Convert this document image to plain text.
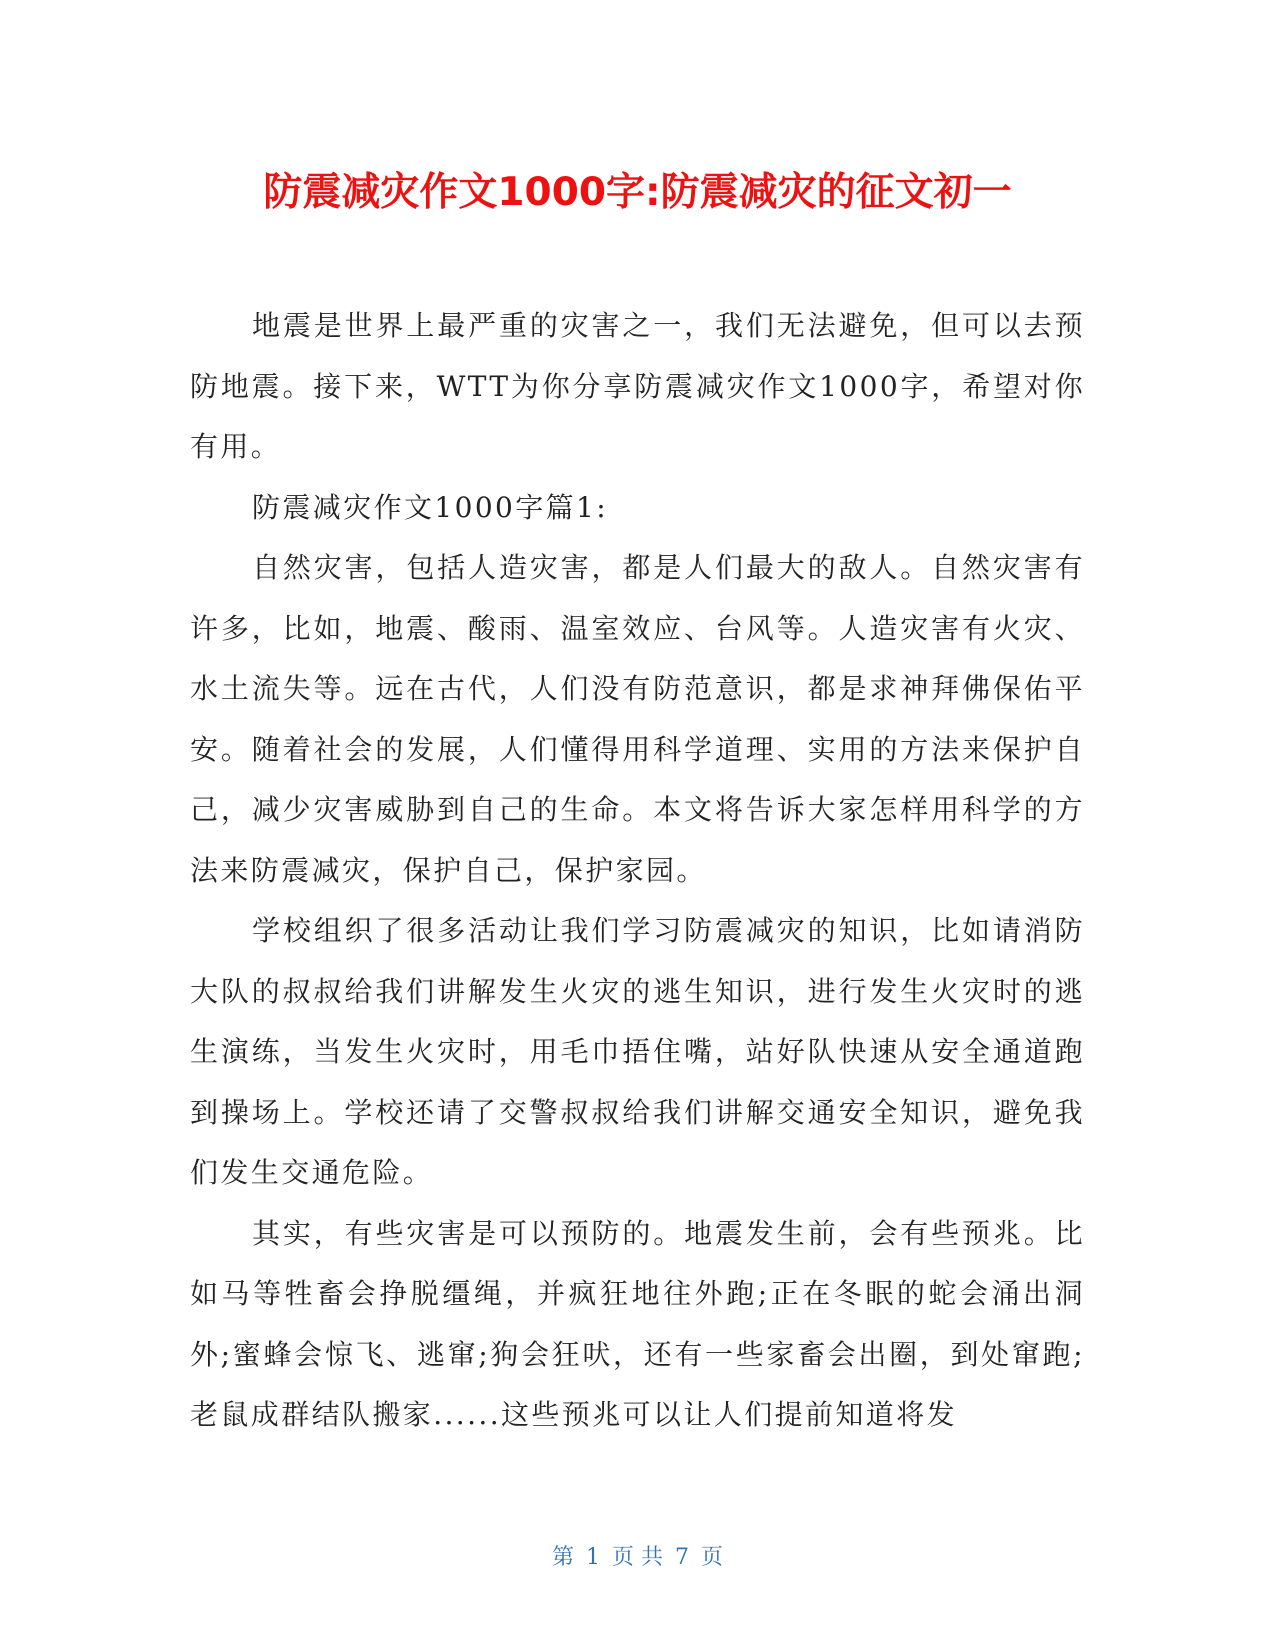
防震减灾作文1000字:防震减灾的征文初一

地震是世界上最严重的灾害之一，我们无法避免，但可以去预防地震。接下来，WTT为你分享防震减灾作文1000字，希望对你有用。

防震减灾作文1000字篇1:

自然灾害，包括人造灾害，都是人们最大的敌人。自然灾害有许多，比如，地震、酸雨、温室效应、台风等。人造灾害有火灾、水土流失等。远在古代，人们没有防范意识，都是求神拜佛保佑平安。随着社会的发展，人们懂得用科学道理、实用的方法来保护自己，减少灾害威胁到自己的生命。本文将告诉大家怎样用科学的方法来防震减灾，保护自己，保护家园。

学校组织了很多活动让我们学习防震减灾的知识，比如请消防大队的叔叔给我们讲解发生火灾的逃生知识，进行发生火灾时的逃生演练，当发生火灾时，用毛巾捂住嘴，站好队快速从安全通道跑到操场上。学校还请了交警叔叔给我们讲解交通安全知识，避免我们发生交通危险。

其实，有些灾害是可以预防的。地震发生前，会有些预兆。比如马等牲畜会挣脱缰绳，并疯狂地往外跑;正在冬眠的蛇会涌出洞外;蜜蜂会惊飞、逃窜;狗会狂吠，还有一些家畜会出圈，到处窜跑;老鼠成群结队搬家......这些预兆可以让人们提前知道将发

第 1 页 共 7 页
